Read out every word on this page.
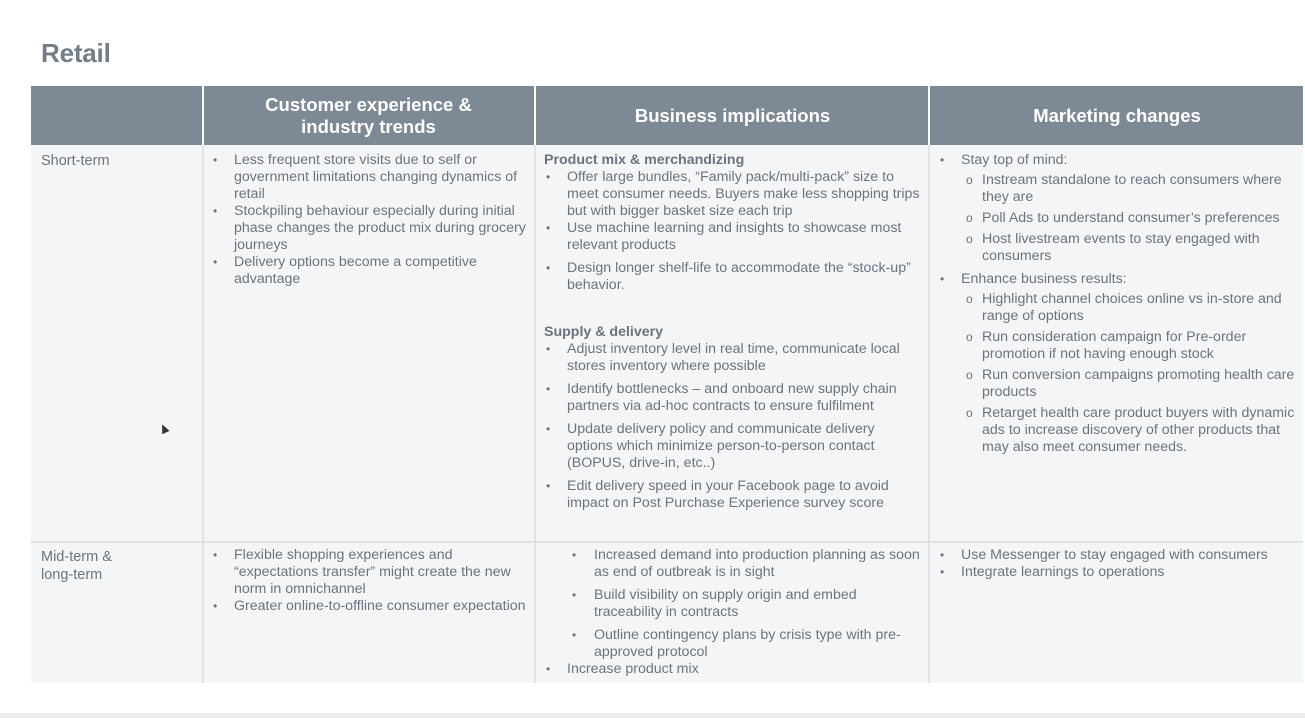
Retail
Customer experience & industry trends
Business implications	Marketing changes
Short-term
•	Less frequent store visits due to self or government limitations changing dynamics of retail
• Stockpiling behaviour especially during initial phase changes the product mix during grocery journeys
• Delivery options become a competitive advantage
Product mix & merchandizing
• Offer large bundles, “Family pack/multi-pack” size to meet consumer needs. Buyers make less shopping trips but with bigger basket size each trip
• Use machine learning and insights to showcase most relevant products
• Design longer shelf-life to accommodate the “stock-up” behavior.
Supply & delivery
• Adjust inventory level in real time, communicate local stores inventory where possible
• Identify bottlenecks – and onboard new supply chain partners via ad-hoc contracts to ensure fulfilment
• Update delivery policy and communicate delivery options which minimize person-to-person contact (BOPUS, drive-in, etc..)
• Edit delivery speed in your Facebook page to avoid impact on Post Purchase Experience survey score
• Stay top of mind:
o Instream standalone to reach consumers where they are
o Poll Ads to understand consumer’s preferences
o Host livestream events to stay engaged with consumers
• Enhance business results:
o Highlight channel choices online vs in-store and range of options
o Run consideration campaign for Pre-order promotion if not having enough stock
o Run conversion campaigns promoting health care products
o Retarget health care product buyers with dynamic ads to increase discovery of other products that may also meet consumer needs.
Mid-term &
long-term
• Flexible shopping experiences and “expectations transfer” might create the new norm in omnichannel
• Greater online-to-offline consumer expectation
• Increased demand into production planning as soon as end of outbreak is in sight
• Build visibility on supply origin and embed traceability in contracts
• Outline contingency plans by crisis type with pre-approved protocol
• Increase product mix
• Use Messenger to stay engaged with consumers
• Integrate learnings to operations
